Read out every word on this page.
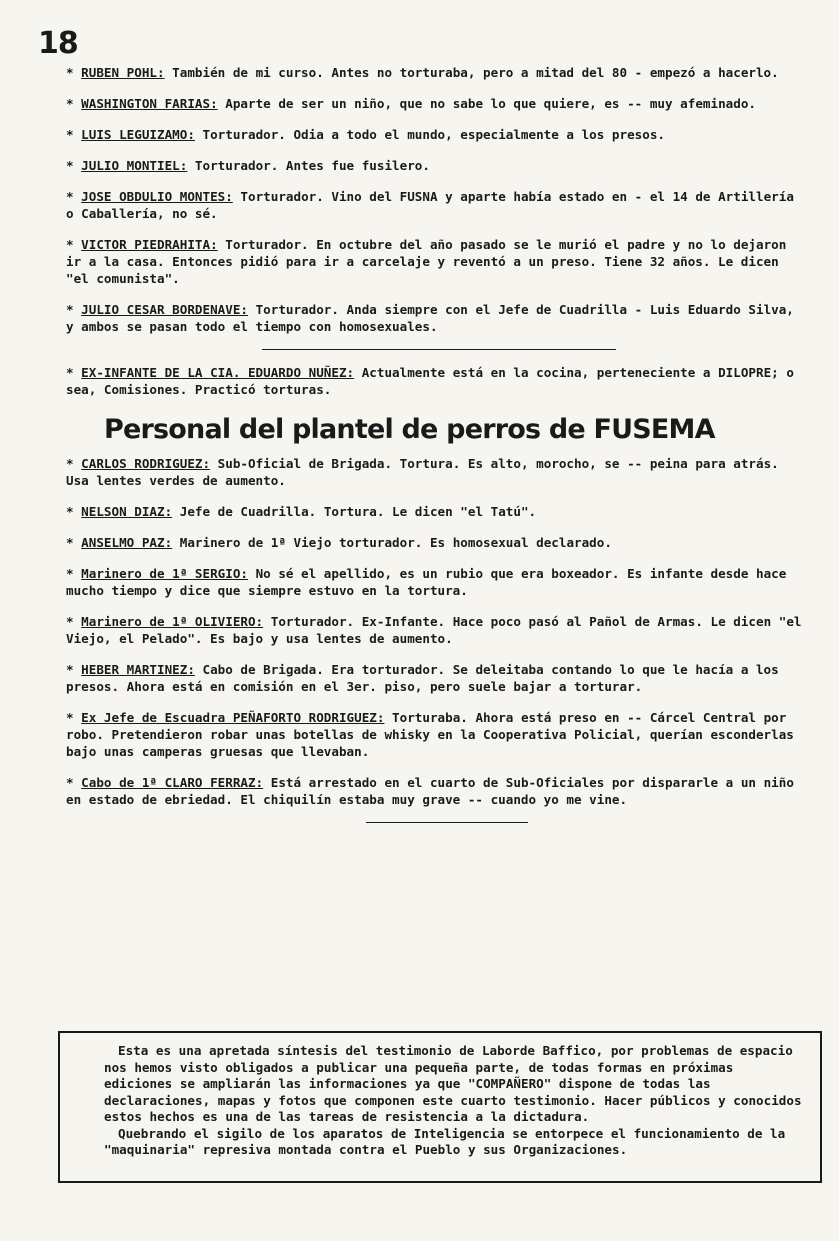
18
* RUBEN POHL: También de mi curso. Antes no torturaba, pero a mitad del 80 - empezó a hacerlo.
* WASHINGTON FARIAS: Aparte de ser un niño, que no sabe lo que quiere, es -- muy afeminado.
* LUIS LEGUIZAMO: Torturador. Odia a todo el mundo, especialmente a los presos.
* JULIO MONTIEL: Torturador. Antes fue fusilero.
* JOSE OBDULIO MONTES: Torturador. Vino del FUSNA y aparte había estado en - el 14 de Artillería o Caballería, no sé.
* VICTOR PIEDRAHITA: Torturador. En octubre del año pasado se le murió el padre y no lo dejaron ir a la casa. Entonces pidió para ir a carcelaje y reventó a un preso. Tiene 32 años. Le dicen "el comunista".
* JULIO CESAR BORDENAVE: Torturador. Anda siempre con el Jefe de Cuadrilla - Luis Eduardo Silva, y ambos se pasan todo el tiempo con homosexuales.
* EX-INFANTE DE LA CIA. EDUARDO NUÑEZ: Actualmente está en la cocina, perteneciente a DILOPRE; o sea, Comisiones. Practicó torturas.
Personal del plantel de perros de FUSEMA
* CARLOS RODRIGUEZ: Sub-Oficial de Brigada. Tortura. Es alto, morocho, se -- peina para atrás. Usa lentes verdes de aumento.
* NELSON DIAZ: Jefe de Cuadrilla. Tortura. Le dicen "el Tatú".
* ANSELMO PAZ: Marinero de 1ª Viejo torturador. Es homosexual declarado.
* Marinero de 1ª SERGIO: No sé el apellido, es un rubio que era boxeador. Es infante desde hace mucho tiempo y dice que siempre estuvo en la tortura.
* Marinero de 1ª OLIVIERO: Torturador. Ex-Infante. Hace poco pasó al Pañol de Armas. Le dicen "el Viejo, el Pelado". Es bajo y usa lentes de aumento.
* HEBER MARTINEZ: Cabo de Brigada. Era torturador. Se deleitaba contando lo que le hacía a los presos. Ahora está en comisión en el 3er. piso, pero suele bajar a torturar.
* Ex Jefe de Escuadra PEÑAFORTO RODRIGUEZ: Torturaba. Ahora está preso en -- Cárcel Central por robo. Pretendieron robar unas botellas de whisky en la Cooperativa Policial, querían esconderlas bajo unas camperas gruesas que llevaban.
* Cabo de 1ª CLARO FERRAZ: Está arrestado en el cuarto de Sub-Oficiales por dispararle a un niño en estado de ebriedad. El chiquilín estaba muy grave -- cuando yo me vine.

Esta es una apretada síntesis del testimonio de Laborde Baffico, por problemas de espacio nos hemos visto obligados a publicar una pequeña parte, de todas formas en próximas ediciones se ampliarán las informaciones ya que "COMPAÑERO" dispone de todas las declaraciones, mapas y fotos que componen este cuarto testimonio. Hacer públicos y conocidos estos hechos es una de las tareas de resistencia a la dictadura.

Quebrando el sigilo de los aparatos de Inteligencia se entorpece el funcionamiento de la "maquinaria" represiva montada contra el Pueblo y sus Organizaciones.
